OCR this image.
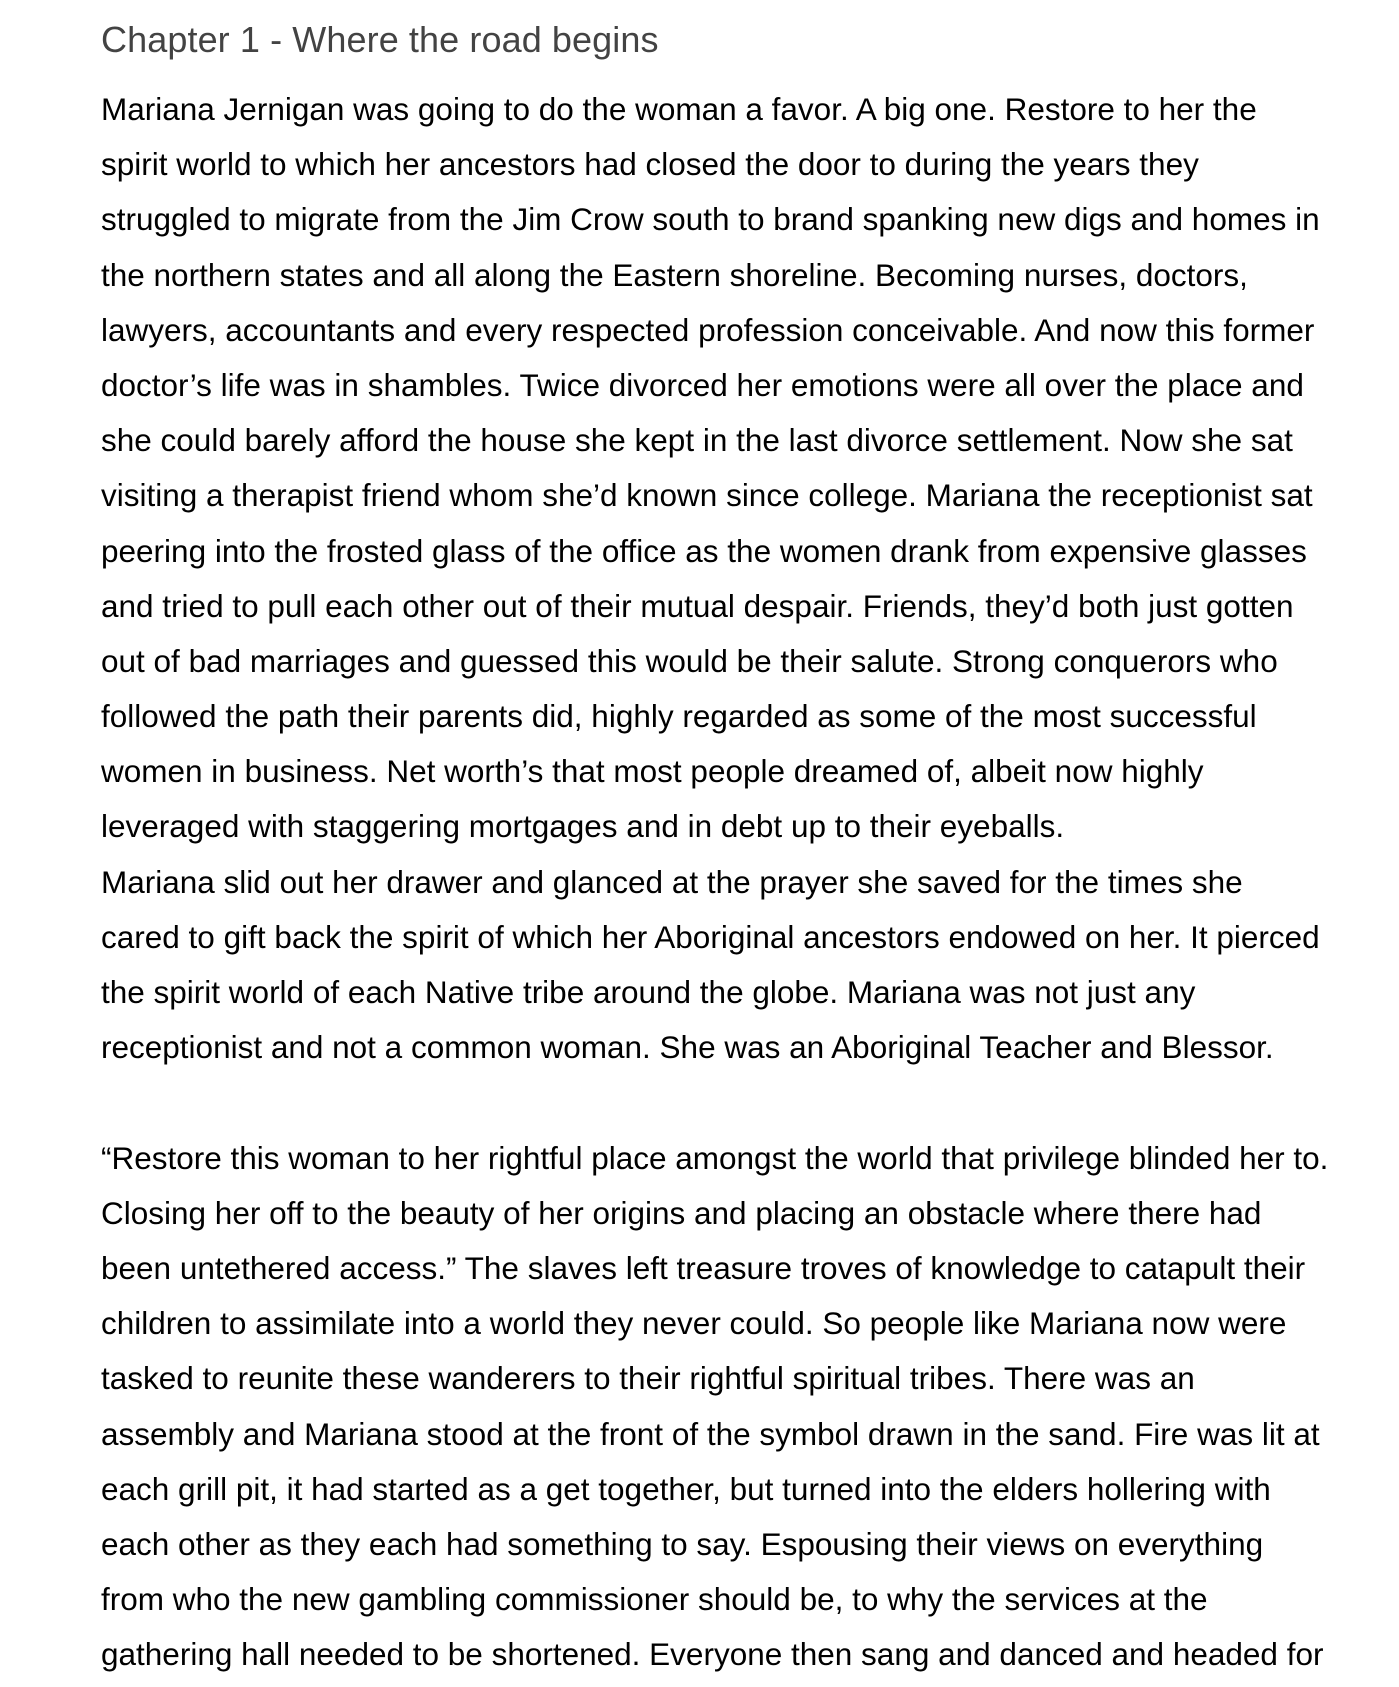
Chapter 1 - Where the road begins

Mariana Jernigan was going to do the woman a favor. A big one. Restore to her the
spirit world to which her ancestors had closed the door to during the years they
struggled to migrate from the Jim Crow south to brand spanking new digs and homes in
the northern states and all along the Eastern shoreline. Becoming nurses, doctors,
lawyers, accountants and every respected profession conceivable. And now this former
doctor’s life was in shambles. Twice divorced her emotions were all over the place and
she could barely afford the house she kept in the last divorce settlement. Now she sat
visiting a therapist friend whom she’d known since college. Mariana the receptionist sat
peering into the frosted glass of the office as the women drank from expensive glasses
and tried to pull each other out of their mutual despair. Friends, they’d both just gotten
out of bad marriages and guessed this would be their salute. Strong conquerors who
followed the path their parents did, highly regarded as some of the most successful
women in business. Net worth’s that most people dreamed of, albeit now highly
leveraged with staggering mortgages and in debt up to their eyeballs.

Mariana slid out her drawer and glanced at the prayer she saved for the times she
cared to gift back the spirit of which her Aboriginal ancestors endowed on her. It pierced
the spirit world of each Native tribe around the globe. Mariana was not just any
receptionist and not a common woman. She was an Aboriginal Teacher and Blessor.

“Restore this woman to her rightful place amongst the world that privilege blinded her to.
Closing her off to the beauty of her origins and placing an obstacle where there had
been untethered access.” The slaves left treasure troves of knowledge to catapult their
children to assimilate into a world they never could. So people like Mariana now were
tasked to reunite these wanderers to their rightful spiritual tribes. There was an
assembly and Mariana stood at the front of the symbol drawn in the sand. Fire was lit at
each grill pit, it had started as a get together, but turned into the elders hollering with
each other as they each had something to say. Espousing their views on everything
from who the new gambling commissioner should be, to why the services at the
gathering hall needed to be shortened. Everyone then sang and danced and headed for
